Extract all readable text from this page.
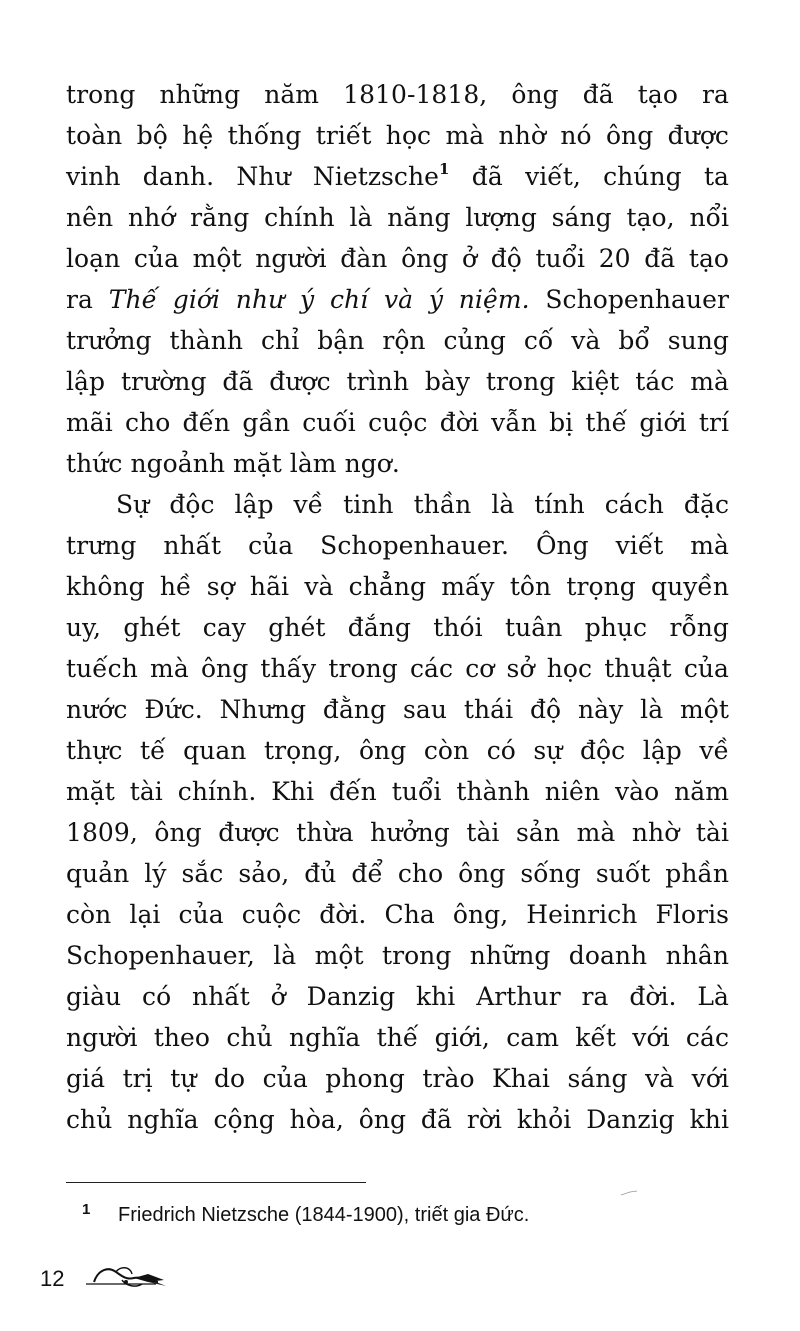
trong những năm 1810-1818, ông đã tạo ra
toàn bộ hệ thống triết học mà nhờ nó ông được
vinh danh. Như Nietzsche$^1$ đã viết, chúng ta
nên nhớ rằng chính là năng lượng sáng tạo, nổi
loạn của một người đàn ông ở độ tuổi 20 đã tạo
ra Thế giới như ý chí và ý niệm. Schopenhauer
trưởng thành chỉ bận rộn củng cố và bổ sung
lập trường đã được trình bày trong kiệt tác mà
mãi cho đến gần cuối cuộc đời vẫn bị thế giới trí
thức ngoảnh mặt làm ngơ.

Sự độc lập về tinh thần là tính cách đặc
trưng nhất của Schopenhauer. Ông viết mà
không hề sợ hãi và chẳng mấy tôn trọng quyền
uy, ghét cay ghét đắng thói tuân phục rỗng
tuếch mà ông thấy trong các cơ sở học thuật của
nước Đức. Nhưng đằng sau thái độ này là một
thực tế quan trọng, ông còn có sự độc lập về
mặt tài chính. Khi đến tuổi thành niên vào năm
1809, ông được thừa hưởng tài sản mà nhờ tài
quản lý sắc sảo, đủ để cho ông sống suốt phần
còn lại của cuộc đời. Cha ông, Heinrich Floris
Schopenhauer, là một trong những doanh nhân
giàu có nhất ở Danzig khi Arthur ra đời. Là
người theo chủ nghĩa thế giới, cam kết với các
giá trị tự do của phong trào Khai sáng và với
chủ nghĩa cộng hòa, ông đã rời khỏi Danzig khi

1 Friedrich Nietzsche (1844-1900), triết gia Đức.
12
